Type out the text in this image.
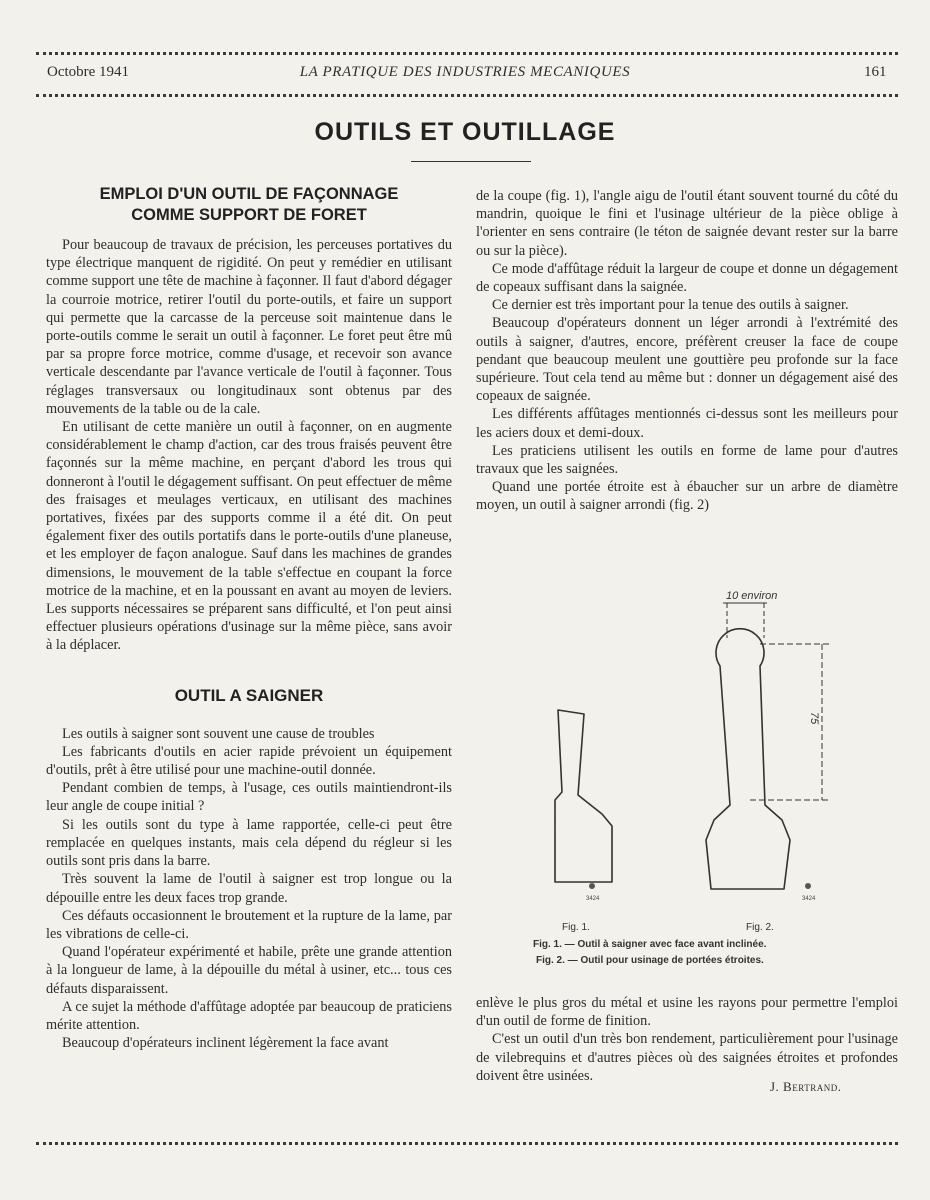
Octobre 1941	LA PRATIQUE DES INDUSTRIES MECANIQUES	161
OUTILS ET OUTILLAGE
EMPLOI D'UN OUTIL DE FAÇONNAGE COMME SUPPORT DE FORET

Pour beaucoup de travaux de précision, les perceuses portatives du type électrique manquent de rigidité. On peut y remédier en utilisant comme support une tête de machine à façonner. Il faut d'abord dégager la courroie motrice, retirer l'outil du porte-outils, et faire un support qui permette que la carcasse de la perceuse soit maintenue dans le porte-outils comme le serait un outil à façonner. Le foret peut être mû par sa propre force motrice, comme d'usage, et recevoir son avance verticale descendante par l'avance verticale de l'outil à façonner. Tous réglages transversaux ou longitudinaux sont obtenus par des mouvements de la table ou de la cale.

En utilisant de cette manière un outil à façonner, on en augmente considérablement le champ d'action, car des trous fraisés peuvent être façonnés sur la même machine, en perçant d'abord les trous qui donneront à l'outil le dégagement suffisant. On peut effectuer de même des fraisages et meulages verticaux, en utilisant des machines portatives, fixées par des supports comme il a été dit. On peut également fixer des outils portatifs dans le porte-outils d'une planeuse, et les employer de façon analogue. Sauf dans les machines de grandes dimensions, le mouvement de la table s'effectue en coupant la force motrice de la machine, et en la poussant en avant au moyen de leviers. Les supports nécessaires se préparent sans difficulté, et l'on peut ainsi effectuer plusieurs opérations d'usinage sur la même pièce, sans avoir à la déplacer.

OUTIL A SAIGNER

Les outils à saigner sont souvent une cause de troubles

Les fabricants d'outils en acier rapide prévoient un équipement d'outils, prêt à être utilisé pour une machine-outil donnée.

Pendant combien de temps, à l'usage, ces outils maintiendront-ils leur angle de coupe initial ?

Si les outils sont du type à lame rapportée, celle-ci peut être remplacée en quelques instants, mais cela dépend du régleur si les outils sont pris dans la barre.

Très souvent la lame de l'outil à saigner est trop longue ou la dépouille entre les deux faces trop grande.

Ces défauts occasionnent le broutement et la rupture de la lame, par les vibrations de celle-ci.

Quand l'opérateur expérimenté et habile, prête une grande attention à la longueur de lame, à la dépouille du métal à usiner, etc... tous ces défauts disparaissent.

A ce sujet la méthode d'affûtage adoptée par beaucoup de praticiens mérite attention.

Beaucoup d'opérateurs inclinent légèrement la face avant

de la coupe (fig. 1), l'angle aigu de l'outil étant souvent tourné du côté du mandrin, quoique le fini et l'usinage ultérieur de la pièce oblige à l'orienter en sens contraire (le téton de saignée devant rester sur la barre ou sur la pièce).

Ce mode d'affûtage réduit la largeur de coupe et donne un dégagement de copeaux suffisant dans la saignée.

Ce dernier est très important pour la tenue des outils à saigner.

Beaucoup d'opérateurs donnent un léger arrondi à l'extrémité des outils à saigner, d'autres, encore, préfèrent creuser la face de coupe pendant que beaucoup meulent une gouttière peu profonde sur la face supérieure. Tout cela tend au même but : donner un dégagement aisé des copeaux de saignée.

Les différents affûtages mentionnés ci-dessus sont les meilleurs pour les aciers doux et demi-doux.

Les praticiens utilisent les outils en forme de lame pour d'autres travaux que les saignées.

Quand une portée étroite est à ébaucher sur un arbre de diamètre moyen, un outil à saigner arrondi (fig. 2)

10 environ
75
3424	3424
Fig. 1.	Fig. 2.
Fig. 1. — Outil à saigner avec face avant inclinée.
Fig. 2. — Outil pour usinage de portées étroites.

enlève le plus gros du métal et usine les rayons pour permettre l'emploi d'un outil de forme de finition.

C'est un outil d'un très bon rendement, particulièrement pour l'usinage de vilebrequins et d'autres pièces où des saignées étroites et profondes doivent être usinées.

J. Bertrand.
